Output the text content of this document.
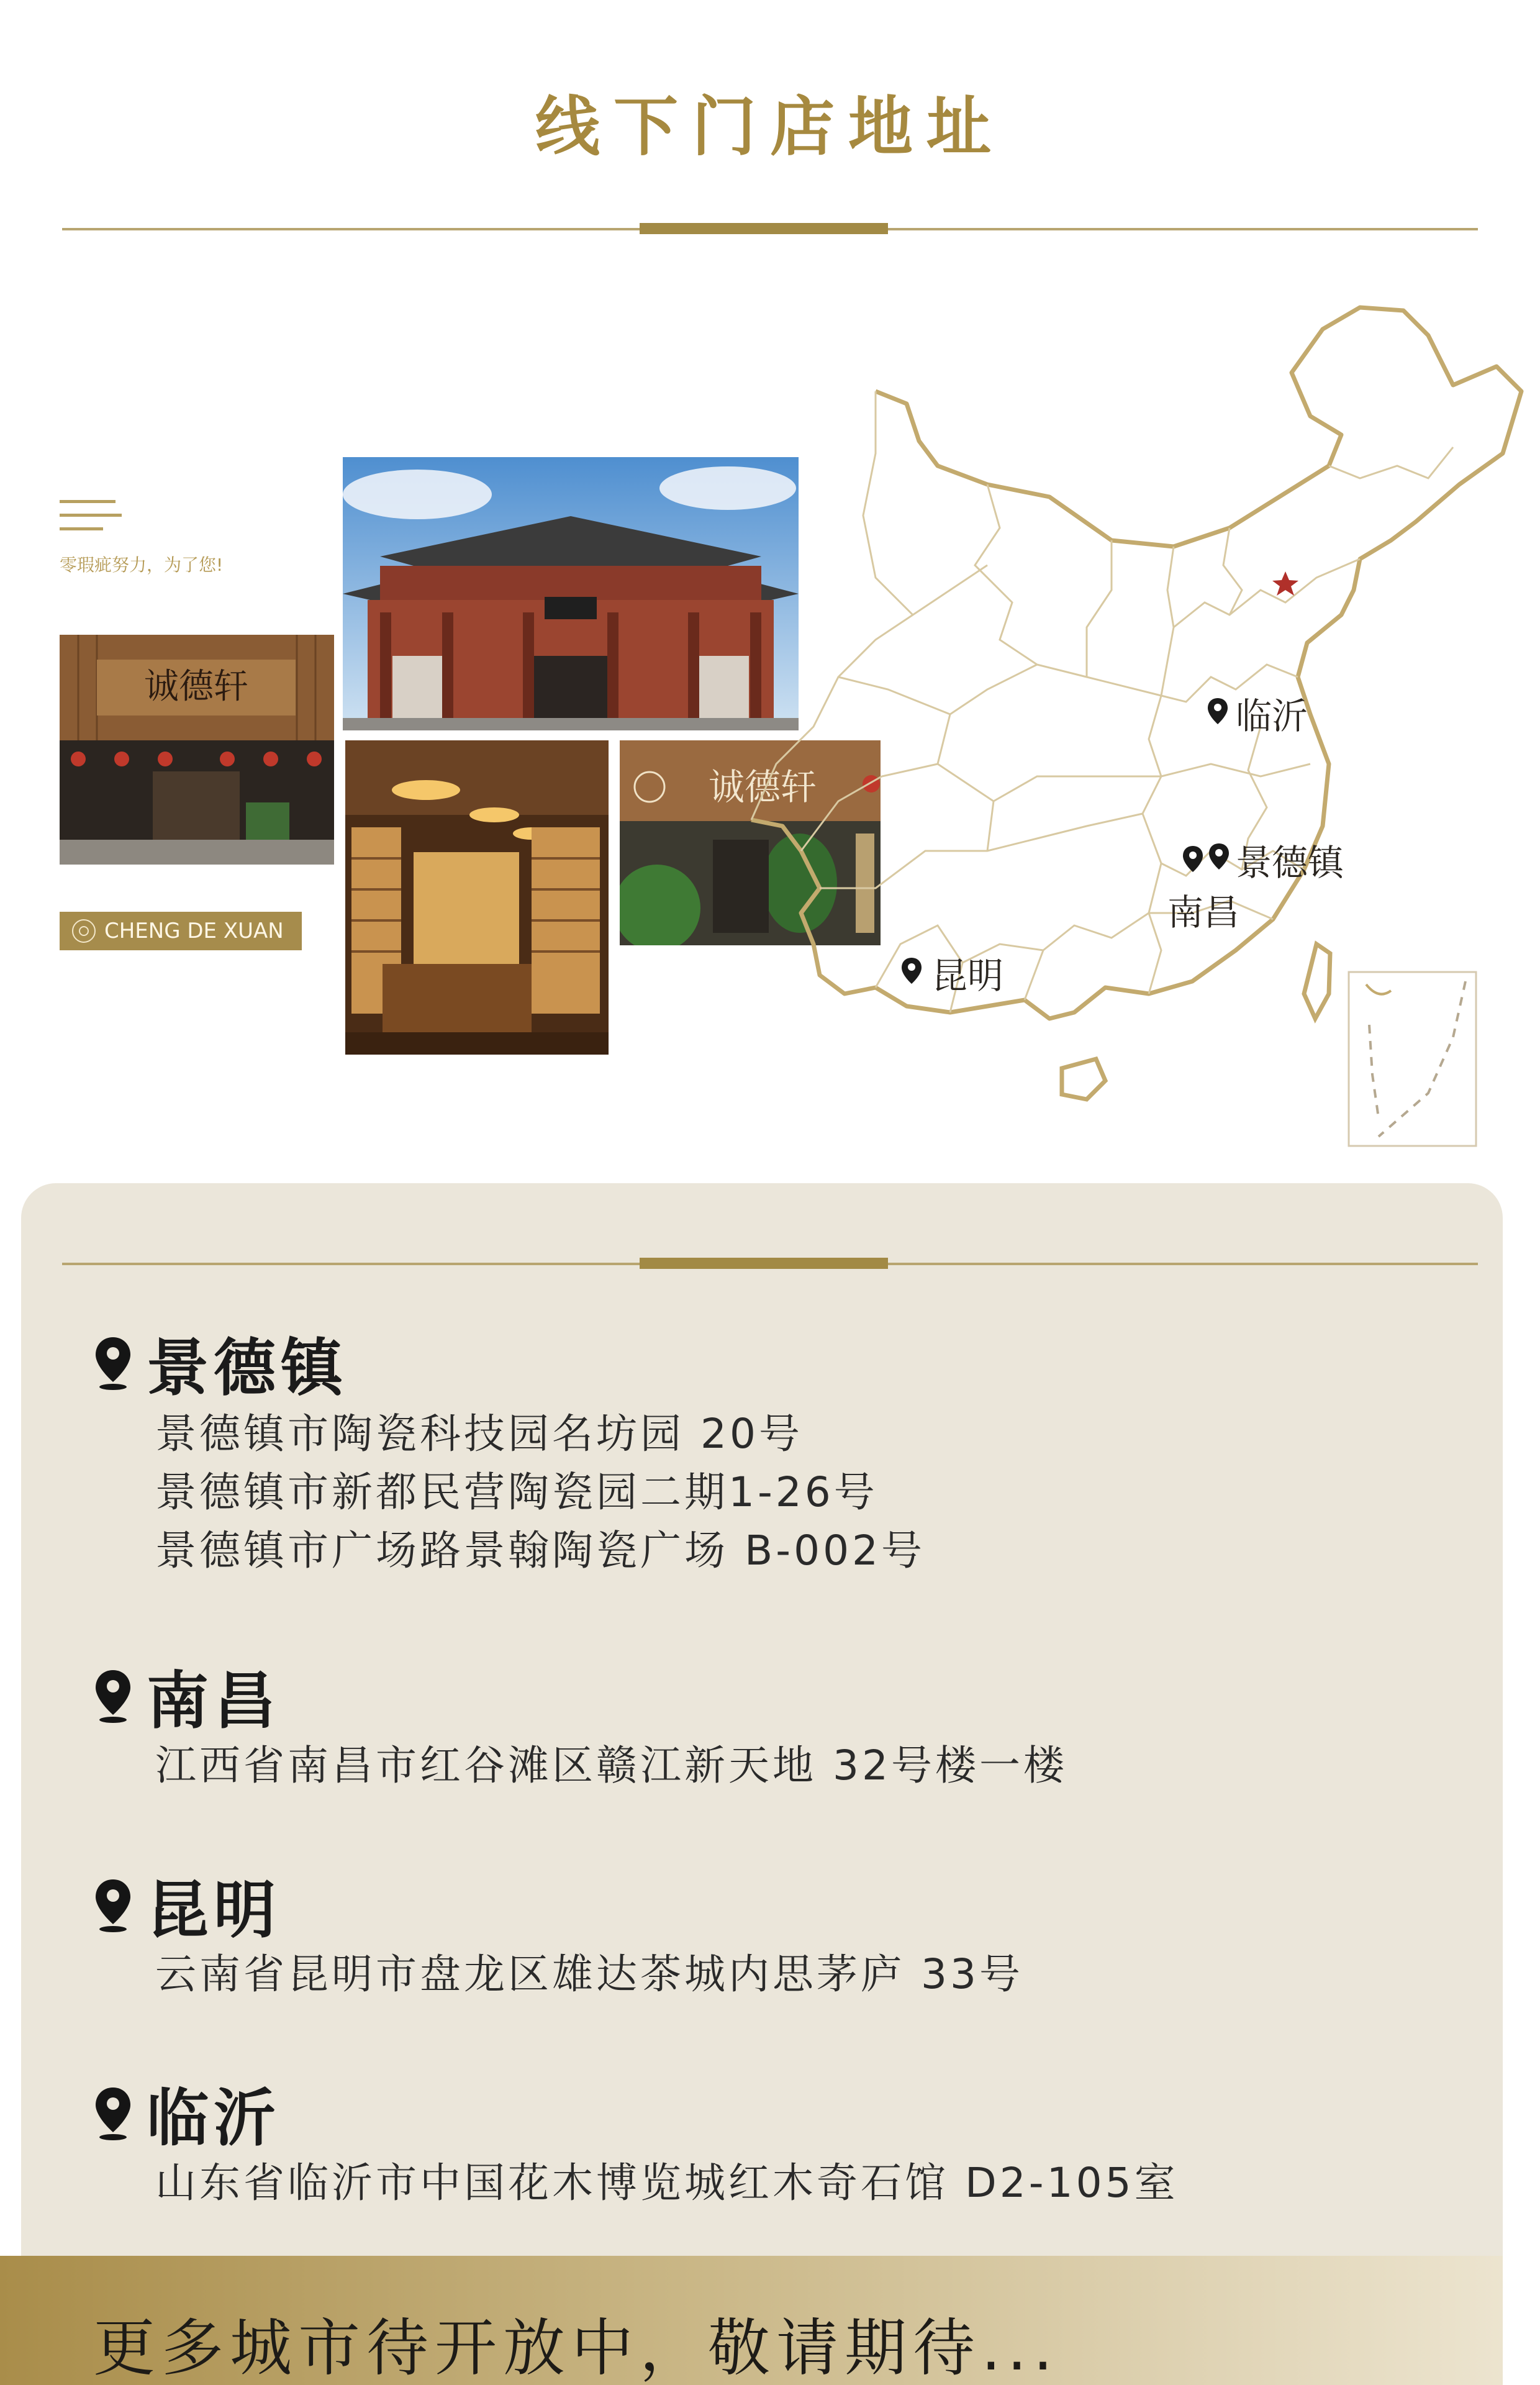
线下门店地址
零瑕疵努力，为了您!
诚德轩
CHENG DE XUAN
诚德轩
临沂
景德镇
南昌
昆明
景德镇
景德镇市陶瓷科技园名坊园 20号
景德镇市新都民营陶瓷园二期1-26号
景德镇市广场路景翰陶瓷广场 B-002号
南昌
江西省南昌市红谷滩区赣江新天地 32号楼一楼
昆明
云南省昆明市盘龙区雄达茶城内思茅庐 33号
临沂
山东省临沂市中国花木博览城红木奇石馆 D2-105室
更多城市待开放中，敬请期待...
